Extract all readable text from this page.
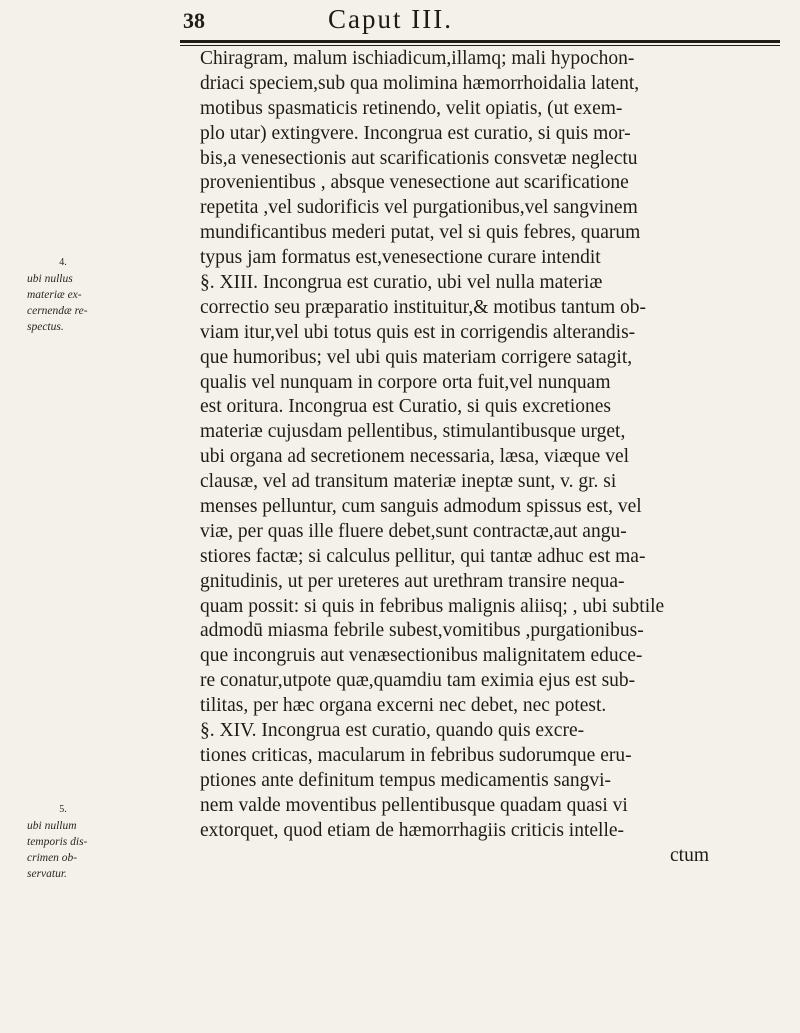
38	Caput III.
Chiragram, malum ischiadicum,illamq; mali hypochon-
driaci speciem,sub qua molimina hæmorrhoidalia latent,
motibus spasmaticis retinendo, velit opiatis, (ut exem-
plo utar) extingvere. Incongrua est curatio, si quis mor-
bis,a venesectionis aut scarificationis consvetæ neglectu
provenientibus , absque venesectione aut scarificatione
repetita ,vel sudorificis vel purgationibus,vel sangvinem
mundificantibus mederi putat, vel si quis febres, quarum
typus jam formatus est,venesectione curare intendit
§. XIII. Incongrua est curatio, ubi vel nulla materiæ
correctio seu præparatio instituitur,& motibus tantum ob-
viam itur,vel ubi totus quis est in corrigendis alterandis-
que humoribus; vel ubi quis materiam corrigere satagit,
qualis vel nunquam in corpore orta fuit,vel nunquam
est oritura. Incongrua est Curatio, si quis excretiones
materiæ cujusdam pellentibus, stimulantibusque urget,
ubi organa ad secretionem necessaria, læsa, viæque vel
clausæ, vel ad transitum materiæ ineptæ sunt, v. gr. si
menses pelluntur, cum sanguis admodum spissus est, vel
viæ, per quas ille fluere debet,sunt contractæ,aut angu-
stiores factæ; si calculus pellitur, qui tantæ adhuc est ma-
gnitudinis, ut per ureteres aut urethram transire nequa-
quam possit: si quis in febribus malignis aliisq; , ubi subtile
admodū miasma febrile subest,vomitibus ,purgationibus-
que incongruis aut venæsectionibus malignitatem educe-
re conatur,utpote quæ,quamdiu tam eximia ejus est sub-
tilitas, per hæc organa excerni nec debet, nec potest.
§. XIV. Incongrua est curatio, quando quis excre-
tiones criticas, macularum in febribus sudorumque eru-
ptiones ante definitum tempus medicamentis sangvi-
nem valde moventibus pellentibusque quadam quasi vi
extorquet, quod etiam de hæmorrhagiis criticis intelle-
ctum
4.
ubi nullus
materiæ ex-
cernendæ re-
spectus.
5.
ubi nullum
temporis dis-
crimen ob-
servatur.
